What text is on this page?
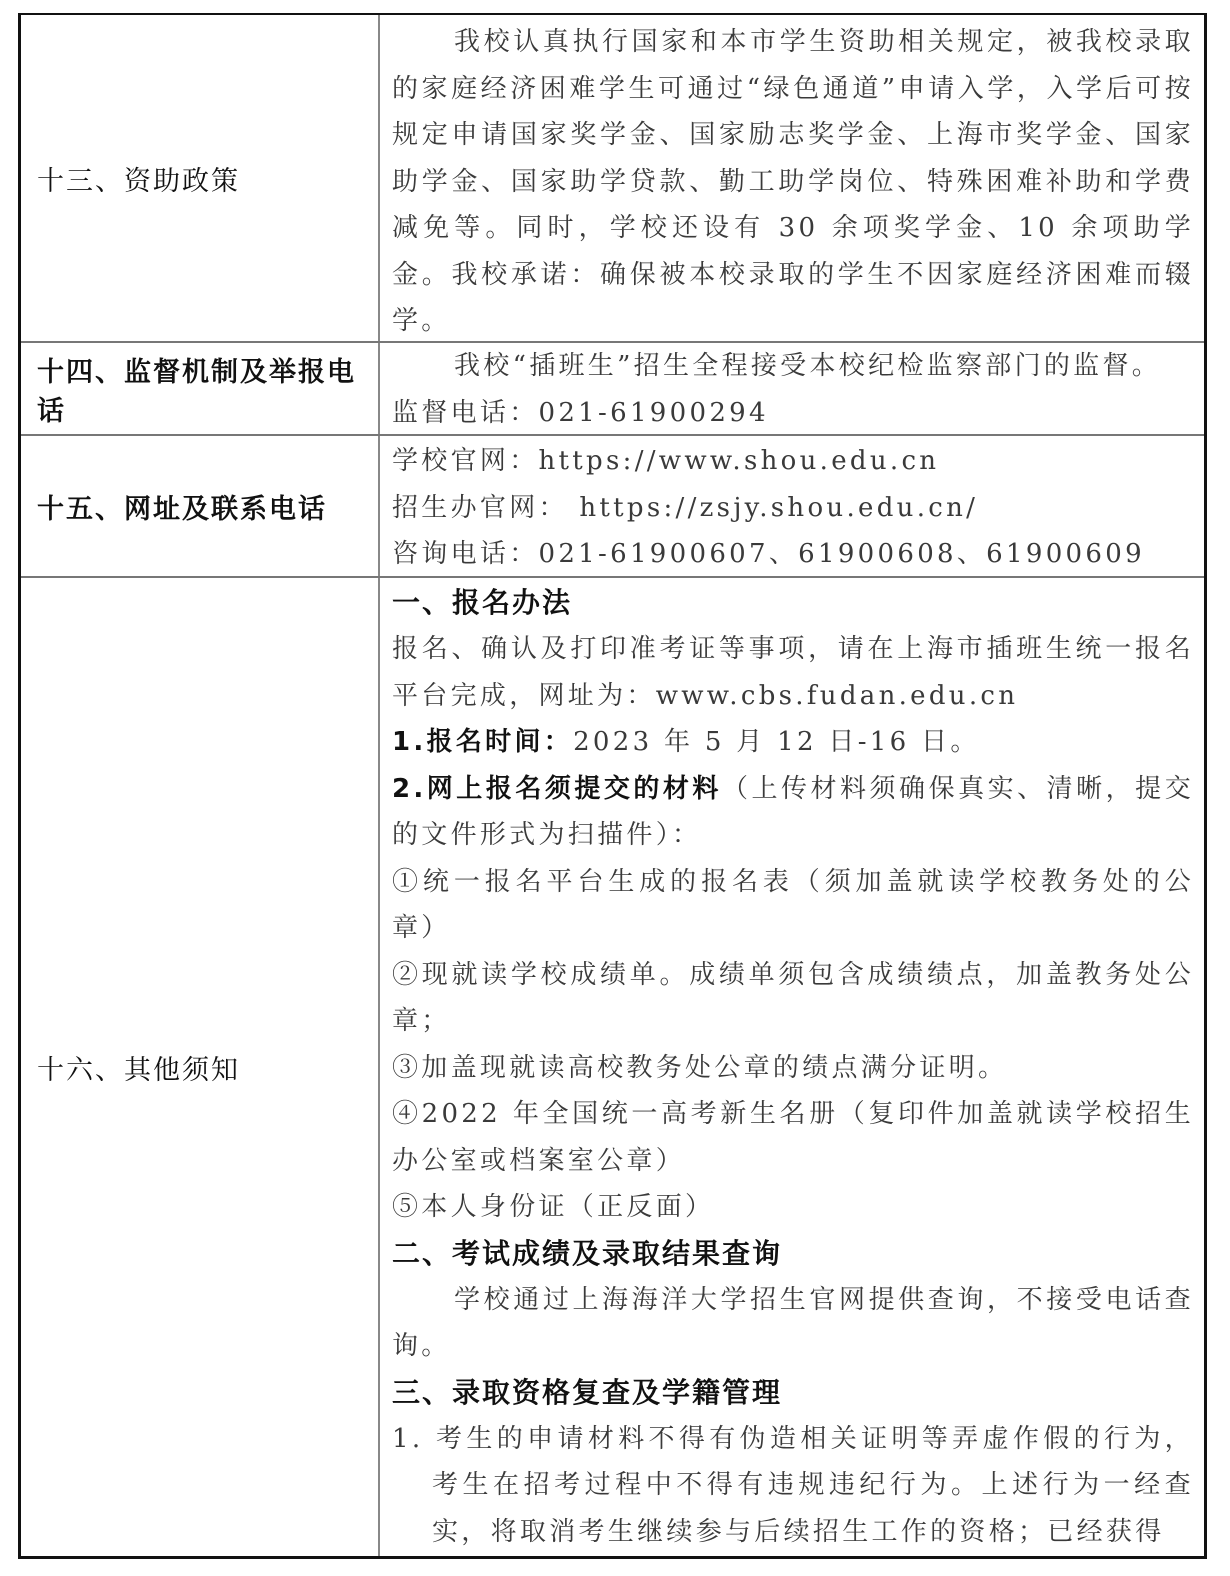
十三、资助政策

我校认真执行国家和本市学生资助相关规定，被我校录取的家庭经济困难学生可通过“绿色通道”申请入学，入学后可按规定申请国家奖学金、国家励志奖学金、上海市奖学金、国家助学金、国家助学贷款、勤工助学岗位、特殊困难补助和学费减免等。同时，学校还设有 30 余项奖学金、10 余项助学金。我校承诺：确保被本校录取的学生不因家庭经济困难而辍学。

十四、监督机制及举报电话

我校“插班生”招生全程接受本校纪检监察部门的监督。

监督电话：021-61900294

十五、网址及联系电话

学校官网：https://www.shou.edu.cn

招生办官网： https://zsjy.shou.edu.cn/

咨询电话：021-61900607、61900608、61900609

十六、其他须知
一、报名办法

报名、确认及打印准考证等事项，请在上海市插班生统一报名平台完成，网址为：www.cbs.fudan.edu.cn

1.报名时间：2023 年 5 月 12 日-16 日。

2.网上报名须提交的材料（上传材料须确保真实、清晰，提交的文件形式为扫描件）：

①统一报名平台生成的报名表（须加盖就读学校教务处的公章）

②现就读学校成绩单。成绩单须包含成绩绩点，加盖教务处公章；

③加盖现就读高校教务处公章的绩点满分证明。

④2022 年全国统一高考新生名册（复印件加盖就读学校招生办公室或档案室公章）

⑤本人身份证（正反面）

二、考试成绩及录取结果查询

学校通过上海海洋大学招生官网提供查询，不接受电话查询。

三、录取资格复查及学籍管理

1. 考生的申请材料不得有伪造相关证明等弄虚作假的行为，考生在招考过程中不得有违规违纪行为。上述行为一经查实，将取消考生继续参与后续招生工作的资格；已经获得
